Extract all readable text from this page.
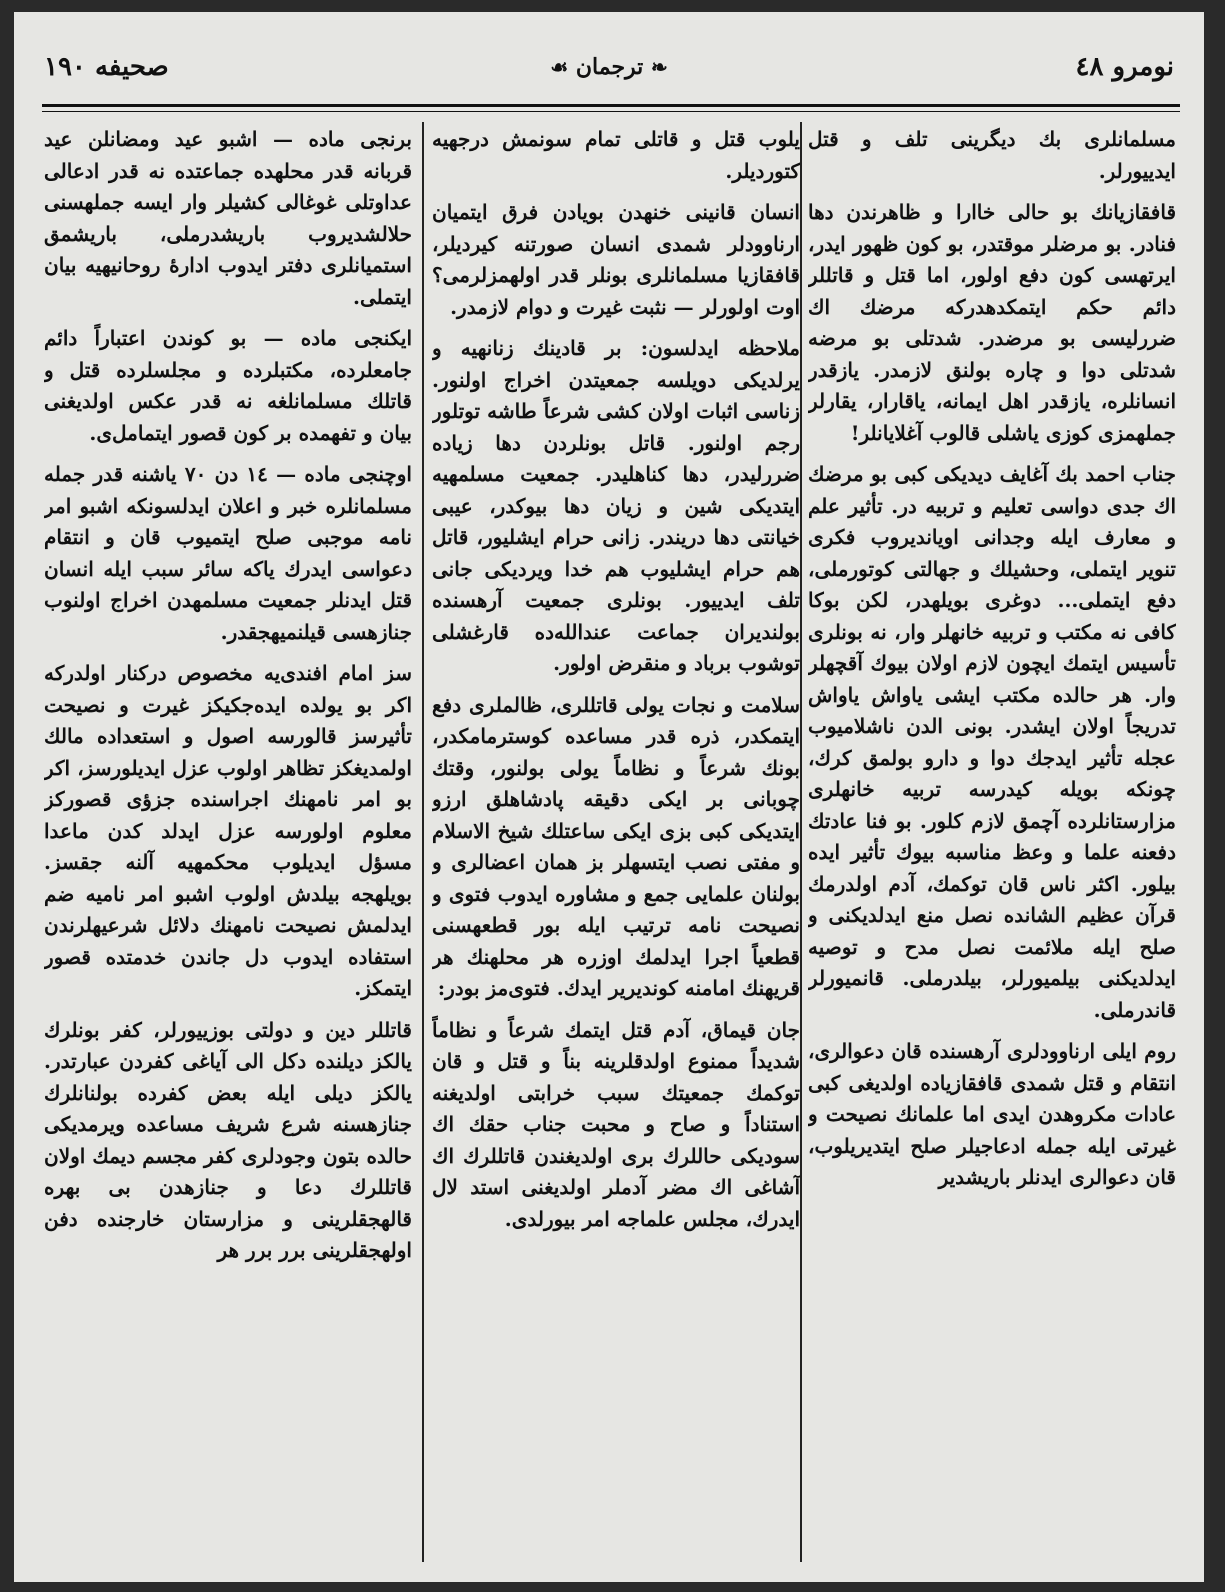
نومرو ٤٨
❧ ترجمان ☙
صحیفه ١٩٠

مسلمانلری بك دیگرینی تلف و قتل ایدییورلر.

قافقازیانك بو حالی خاارا و ظاهرندن دها فنادر. بو مرضلر موقتدر، بو کون ظهور ایدر، ایرتهسی کون دفع اولور، اما قتل و قاتللر دائم حکم ایتمکدهدرکه مرضك اك ضررلیسی بو مرضدر. شدتلی بو مرضه شدتلی دوا و چاره بولنق لازمدر. یازقدر انسانلره، یازقدر اهل ایمانه، یاقارار، یقارلر جملهمزی کوزی یاشلی قالوب آغلایانلر!

جناب احمد بك آغایف دیدیکی کبی بو مرضك اك جدی دواسی تعلیم و تربیه در. تأثیر علم و معارف ایله وجدانی اویاندیروب فکری تنویر ایتملی، وحشیلك و جهالتی کوتورملی، دفع ایتملی... دوغری بویلهدر، لکن بوکا کافی نه مکتب و تربیه خانهلر وار، نه بونلری تأسیس ایتمك ایچون لازم اولان بیوك آقچهلر وار. هر حالده مکتب ایشی یاواش یاواش تدریجاً اولان ایشدر. بونی الدن ناشلامیوب عجله تأثیر ایدجك دوا و دارو بولمق کرك، چونکه بویله کیدرسه تربیه خانهلری مزارستانلرده آچمق لازم کلور. بو فنا عادتك دفعنه علما و وعظ مناسبه بیوك تأثیر ایده بیلور. اکثر ناس قان توکمك، آدم اولدرمك قرآن عظیم الشانده نصل منع ایدلدیکنی و صلح ایله ملائمت نصل مدح و توصیه ایدلدیکنی بیلمیورلر، بیلدرملی. قانمیورلر قاندرملی.

روم ایلی ارناوودلری آرهسنده قان دعوالری، انتقام و قتل شمدی قافقازیاده اولدیغی کبی عادات مکروهدن ایدی اما علمانك نصیحت و غیرتی ایله جمله ادعاجیلر صلح ایتدیریلوب، قان دعوالری ایدنلر باریشدیر

یلوب قتل و قاتلی تمام سونمش درجهیه کتوردیلر.

انسان قانینی خنهدن بویادن فرق ایتمیان ارناوودلر شمدی انسان صورتنه کیردیلر، قافقازیا مسلمانلری بونلر قدر اولهمزلرمی؟ اوت اولورلر — نثبت غیرت و دوام لازمدر.

ملاحظه ایدلسون: بر قادینك زنانهیه و یرلدیکی دویلسه جمعیتدن اخراج اولنور. زناسی اثبات اولان کشی شرعاً طاشه توتلور رجم اولنور. قاتل بونلردن دها زیاده ضررلیدر، دها کناهلیدر. جمعیت مسلمهیه ایتدیکی شین و زیان دها بیوکدر، عیبی خیانتی دها دریندر. زانی حرام ایشلیور، قاتل هم حرام ایشلیوب هم خدا ویردیکی جانی تلف ایدییور. بونلری جمعیت آرهسنده بولندیران جماعت عندالله‌ده قارغشلی توشوب برباد و منقرض اولور.

سلامت و نجات یولی قاتللری، ظالملری دفع ایتمکدر، ذره قدر مساعده کوسترمامکدر، بونك شرعاً و نظاماً یولی بولنور، وقتك چوبانی بر ایکی دقیقه پادشاهلق ارزو ایتدیکی کبی بزی ایکی ساعتلك شیخ الاسلام و مفتی نصب ایتسهلر بز همان اعضالری و بولنان علمایی جمع و مشاوره ایدوب فتوی و نصیحت نامه ترتیب ایله بور قطعهسنی قطعیاً اجرا ایدلمك اوزره هر محلهنك هر قریهنك امامنه کوندیریر ایدك. فتوی‌مز بودر:

جان قیماق، آدم قتل ایتمك شرعاً و نظاماً شدیداً ممنوع اولدقلرینه بناً و قتل و قان توکمك جمعیتك سبب خرابتی اولدیغنه استناداً و صاح و محبت جناب حقك اك سودیکی حاللرك بری اولدیغندن قاتللرك اك آشاغی اك مضر آدملر اولدیغنی استد لال ایدرك، مجلس علماجه امر بیورلدی.

برنجی ماده — اشبو عید ومضانلن عید قربانه قدر محلهده جماعتده نه قدر ادعالی عداوتلی غوغالی کشیلر وار ایسه جملهسنی حلالشدیروب باریشدرملی، باریشمق استمیانلری دفتر ایدوب ادارهٔ روحانیهیه بیان ایتملی.

ایکنجی ماده — بو کوندن اعتباراً دائم جامعلرده، مکتبلرده و مجلسلرده قتل و قاتلك مسلمانلغه نه قدر عکس اولدیغنی بیان و تفهمده بر کون قصور ایتمامل‌ی.

اوچنجی ماده — ١٤ دن ٧٠ یاشنه قدر جمله مسلمانلره خبر و اعلان ایدلسونکه اشبو امر نامه موجبی صلح ایتمیوب قان و انتقام دعواسی ایدرك یاکه سائر سبب ایله انسان قتل ایدنلر جمعیت مسلمهدن اخراج اولنوب جنازهسی قیلنمیهجقدر.

سز امام افندی‌یه مخصوص درکنار اولدرکه اکر بو یولده ایده‌جکیکز غیرت و نصیحت تأثیرسز قالورسه اصول و استعداده مالك اولمدیغکز تظاهر اولوب عزل ایدیلورسز، اکر بو امر نامهنك اجراسنده جزؤی قصورکز معلوم اولورسه عزل ایدلد کدن ماعدا مسؤل ایدیلوب محکمهیه آلنه جقسز. بویلهجه بیلدش اولوب اشبو امر نامیه ضم ایدلمش نصیحت نامهنك دلائل شرعیهلرندن استفاده ایدوب دل جاندن خدمتده قصور ایتمکز.

قاتللر دین و دولتی بوزییورلر، کفر بونلرك یالکز دیلنده دکل الی آیاغی کفردن عبارتدر. یالکز دیلی ایله بعض کفرده بولنانلرك جنازهسنه شرع شریف مساعده ویرمدیکی حالده بتون وجودلری کفر مجسم دیمك اولان قاتللرك دعا و جنازهدن بی بهره قالهجقلرینی و مزارستان خارجنده دفن اولهجقلرینی برر برر هر
